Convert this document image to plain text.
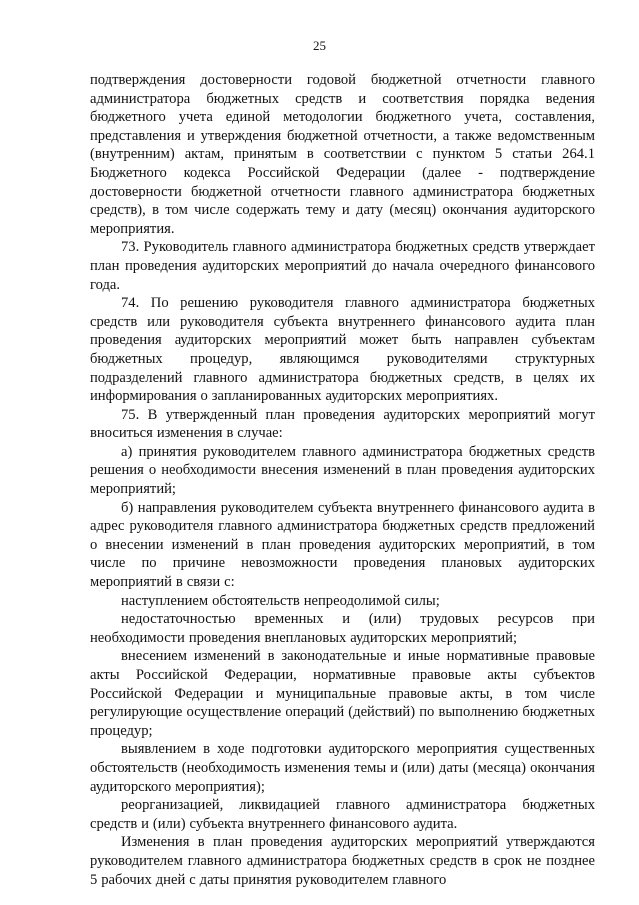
25

подтверждения достоверности годовой бюджетной отчетности главного администратора бюджетных средств и соответствия порядка ведения бюджетного учета единой методологии бюджетного учета, составления, представления и утверждения бюджетной отчетности, а также ведомственным (внутренним) актам, принятым в соответствии с пунктом 5 статьи 264.1 Бюджетного кодекса Российской Федерации (далее - подтверждение достоверности бюджетной отчетности главного администратора бюджетных средств), в том числе содержать тему и дату (месяц) окончания аудиторского мероприятия.

73. Руководитель главного администратора бюджетных средств утверждает план проведения аудиторских мероприятий до начала очередного финансового года.

74. По решению руководителя главного администратора бюджетных средств или руководителя субъекта внутреннего финансового аудита план проведения аудиторских мероприятий может быть направлен субъектам бюджетных процедур, являющимся руководителями структурных подразделений главного администратора бюджетных средств, в целях их информирования о запланированных аудиторских мероприятиях.

75. В утвержденный план проведения аудиторских мероприятий могут вноситься изменения в случае:

а) принятия руководителем главного администратора бюджетных средств решения о необходимости внесения изменений в план проведения аудиторских мероприятий;

б) направления руководителем субъекта внутреннего финансового аудита в адрес руководителя главного администратора бюджетных средств предложений о внесении изменений в план проведения аудиторских мероприятий, в том числе по причине невозможности проведения плановых аудиторских мероприятий в связи с:

наступлением обстоятельств непреодолимой силы;

недостаточностью временных и (или) трудовых ресурсов при необходимости проведения внеплановых аудиторских мероприятий;

внесением изменений в законодательные и иные нормативные правовые акты Российской Федерации, нормативные правовые акты субъектов Российской Федерации и муниципальные правовые акты, в том числе регулирующие осуществление операций (действий) по выполнению бюджетных процедур;

выявлением в ходе подготовки аудиторского мероприятия существенных обстоятельств (необходимость изменения темы и (или) даты (месяца) окончания аудиторского мероприятия);

реорганизацией, ликвидацией главного администратора бюджетных средств и (или) субъекта внутреннего финансового аудита.

Изменения в план проведения аудиторских мероприятий утверждаются руководителем главного администратора бюджетных средств в срок не позднее 5 рабочих дней с даты принятия руководителем главного
